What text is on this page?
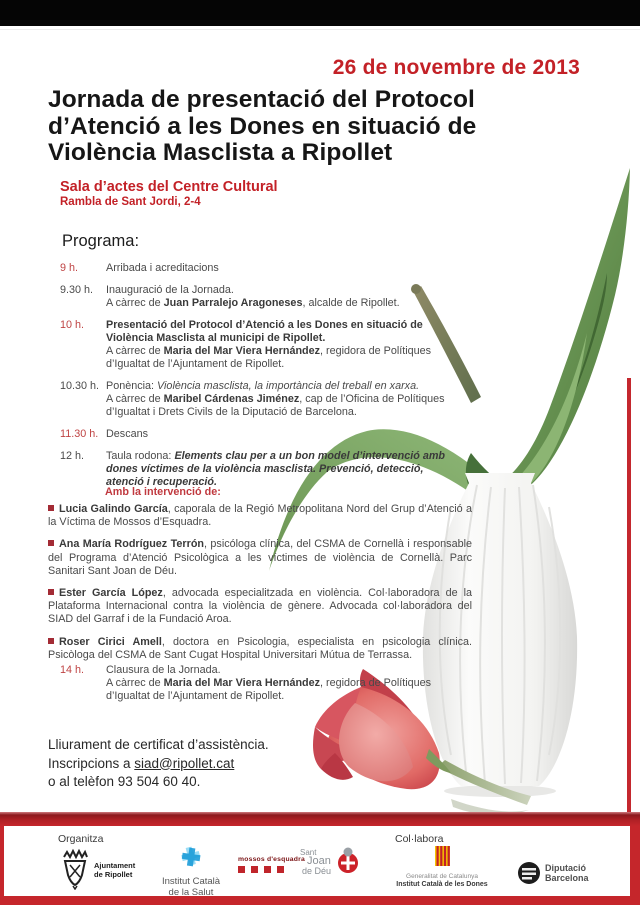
26 de novembre de 2013
Jornada de presentació del Protocol
d’Atenció a les Dones en situació de
Violència Masclista a Ripollet
Sala d’actes del Centre Cultural
Rambla de Sant Jordi, 2-4
Programa:
9 h.	Arribada i acreditacions
9.30 h.	Inauguració de la Jornada.
A càrrec de Juan Parralejo Aragoneses, alcalde de Ripollet.
10 h.	Presentació del Protocol d’Atenció a les Dones en situació de
Violència Masclista al municipi de Ripollet.
A càrrec de Maria del Mar Viera Hernández, regidora de Polítiques
d’Igualtat de l’Ajuntament de Ripollet.
10.30 h. Ponència: Violència masclista, la importància del treball en xarxa.
A càrrec de Maribel Cárdenas Jiménez, cap de l’Oficina de Polítiques
d’Igualtat i Drets Civils de la Diputació de Barcelona.
11.30 h. Descans
12 h.	Taula rodona: Elements clau per a un bon model d’intervenció amb
dones víctimes de la violència masclista. Prevenció, detecció,
atenció i recuperació.
Amb la intervenció de:
Lucia Galindo García, caporala de la Regió Metropolitana Nord del Grup d’Atenció a la Víctima de Mossos d’Esquadra.
Ana María Rodríguez Terrón, psicóloga clínica, del CSMA de Cornellà i responsable del Programa d’Atenció Psicològica a les víctimes de violència de Cornellà. Parc Sanitari Sant Joan de Déu.
Ester García López, advocada especialitzada en violència. Col·laboradora de la Plataforma Internacional contra la violència de gènere. Advocada col·laboradora del SIAD del Garraf i de la Fundació Aroa.
Roser Cirici Amell, doctora en Psicologia, especialista en psicologia clínica. Psicòloga del CSMA de Sant Cugat Hospital Universitari Mútua de Terrassa.
14 h.	Clausura de la Jornada.
A càrrec de Maria del Mar Viera Hernández, regidora de Polítiques
d’Igualtat de l’Ajuntament de Ripollet.
Lliurament de certificat d’assistència.
Inscripcions a siad@ripollet.cat
o al telèfon 93 504 60 40.
Organitza
Ajuntament
de Ripollet
Institut Català
de la Salut
mossos d'esquadra
Sant
Joan
de Déu
Col·labora
Generalitat de Catalunya
Institut Català de les Dones
Diputació
Barcelona
